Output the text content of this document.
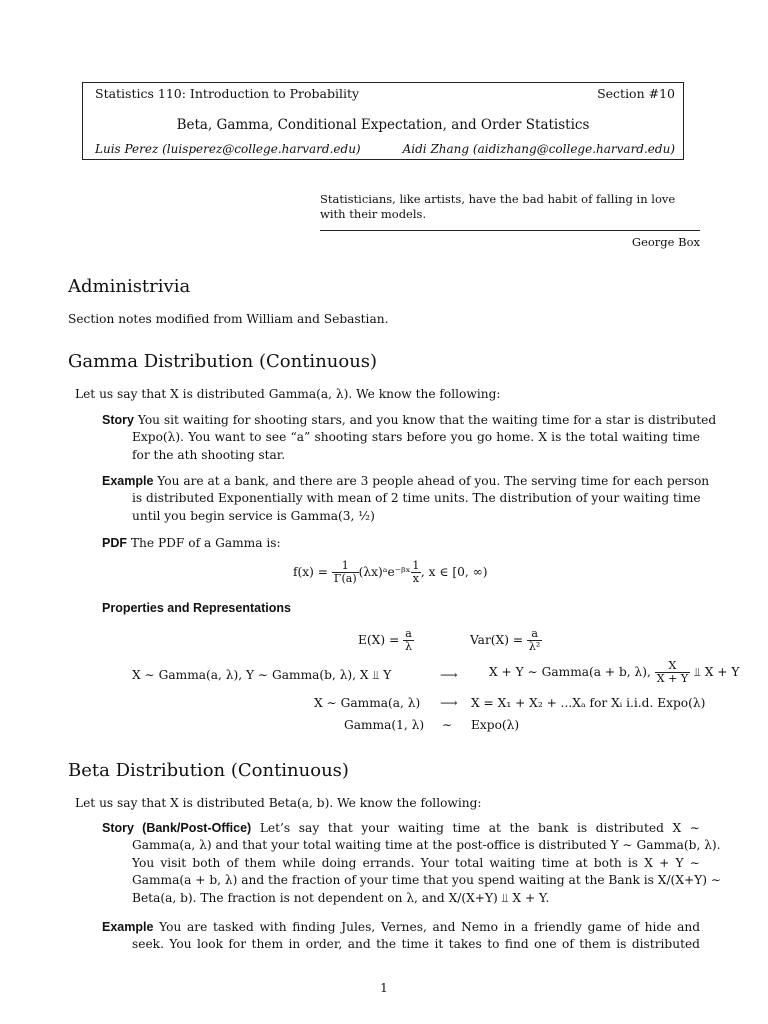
Statistics 110: Introduction to Probability	Section #10
Beta, Gamma, Conditional Expectation, and Order Statistics
Luis Perez (luisperez@college.harvard.edu)	Aidi Zhang (aidizhang@college.harvard.edu)
Statisticians, like artists, have the bad habit of falling in love with their models.
George Box
Administrivia
Section notes modified from William and Sebastian.
Gamma Distribution (Continuous)
Let us say that X is distributed Gamma(a, λ). We know the following:
Story You sit waiting for shooting stars, and you know that the waiting time for a star is distributed
Expo(λ). You want to see “a” shooting stars before you go home. X is the total waiting time
for the ath shooting star.
Example You are at a bank, and there are 3 people ahead of you. The serving time for each person
is distributed Exponentially with mean of 2 time units. The distribution of your waiting time
until you begin service is Gamma(3, ½)
PDF The PDF of a Gamma is:
$f(x) = \frac{1}{\Gamma(a)}$ (λx)ᵃe⁻ᵝˣ $\frac{1}{x}$ , x ∈ [0, ∞)
Properties and Representations
$E(X) = \frac{a}{\lambda}$	$Var(X) = \frac{a}{\text{λ²}}$
X ∼ Gamma(a, λ), Y ∼ Gamma(b, λ), X ⫫ Y	⟶	X + Y ∼ Gamma(a + b, λ), $\frac{X}{X + Y}$ ⫫ X + Y
X ∼ Gamma(a, λ) ⟶ X = X₁ + X₂ + ...Xₐ for Xᵢ i.i.d. Expo(λ)
Gamma(1, λ) ∼ Expo(λ)
Beta Distribution (Continuous)
Let us say that X is distributed Beta(a, b). We know the following:
Story (Bank/Post-Office) Let’s say that your waiting time at the bank is distributed X ∼
Gamma(a, λ) and that your total waiting time at the post-office is distributed Y ∼ Gamma(b, λ).
You visit both of them while doing errands. Your total waiting time at both is X + Y ∼
Gamma(a + b, λ) and the fraction of your time that you spend waiting at the Bank is X/(X+Y) ∼
Beta(a, b). The fraction is not dependent on λ, and X/(X+Y) ⫫ X + Y.
Example You are tasked with finding Jules, Vernes, and Nemo in a friendly game of hide and
seek. You look for them in order, and the time it takes to find one of them is distributed
1
